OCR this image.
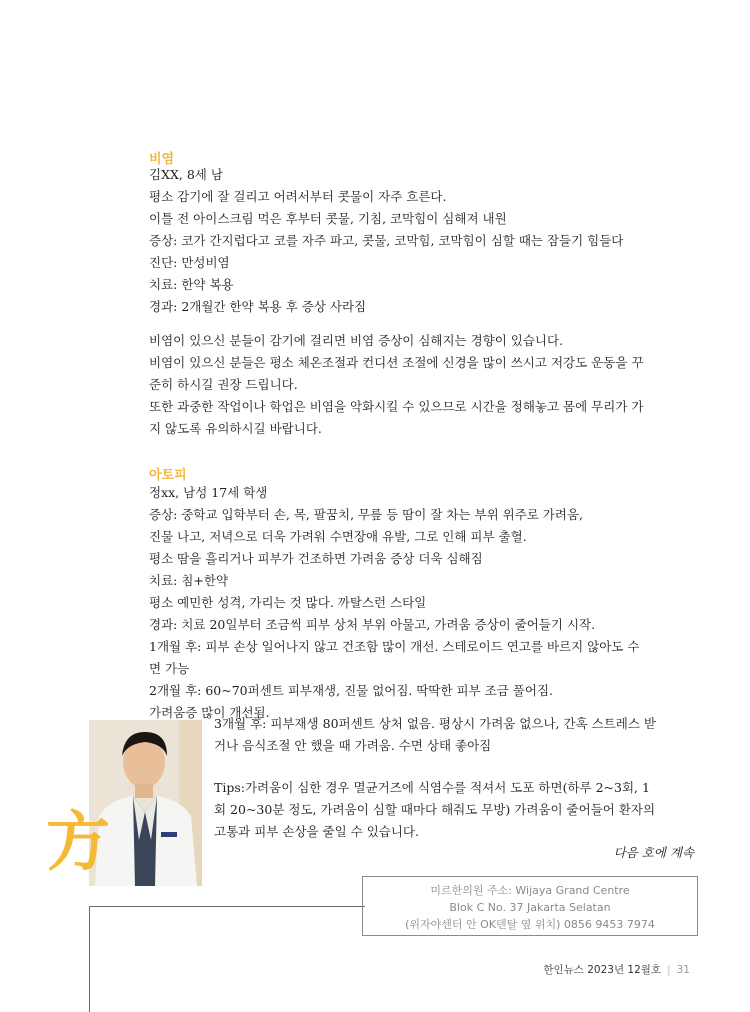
비염
김XX, 8세 남
평소 감기에 잘 걸리고 어려서부터 콧물이 자주 흐른다.
이틀 전 아이스크림 먹은 후부터 콧물, 기침, 코막힘이 심해져 내원
증상: 코가 간지럽다고 코를 자주 파고, 콧물, 코막힘, 코막힘이 심할 때는 잠들기 힘들다
진단: 만성비염
치료: 한약 복용
경과: 2개월간 한약 복용 후 증상 사라짐
비염이 있으신 분들이 감기에 걸리면 비염 증상이 심해지는 경향이 있습니다.
비염이 있으신 분들은 평소 체온조절과 컨디션 조절에 신경을 많이 쓰시고 저강도 운동을 꾸
준히 하시길 권장 드립니다.
또한 과중한 작업이나 학업은 비염을 악화시킬 수 있으므로 시간을 정해놓고 몸에 무리가 가
지 않도록 유의하시길 바랍니다.
아토피
정xx, 남성 17세 학생
증상: 중학교 입학부터 손, 목, 팔꿈치, 무릎 등 땀이 잘 차는 부위 위주로 가려움,
진물 나고, 저녁으로 더욱 가려워 수면장애 유발, 그로 인해 피부 출혈.
평소 땀을 흘리거나 피부가 건조하면 가려움 증상 더욱 심해짐
치료: 침+한약
평소 예민한 성격, 가리는 것 많다. 까탈스런 스타일
경과: 치료 20일부터 조금씩 피부 상처 부위 아물고, 가려움 증상이 줄어들기 시작.
1개월 후: 피부 손상 일어나지 않고 건조함 많이 개선. 스테로이드 연고를 바르지 않아도 수
면 가능
2개월 후: 60~70퍼센트 피부재생, 진물 없어짐. 딱딱한 피부 조금 풀어짐.
가려움증 많이 개선됨.
方
3개월 후: 피부재생 80퍼센트 상처 없음. 평상시 가려움 없으나, 간혹 스트레스 받
거나 음식조절 안 했을 때 가려움. 수면 상태 좋아짐
Tips:가려움이 심한 경우 멸균거즈에 식염수를 적셔서 도포 하면(하루 2~3회, 1
회 20~30분 정도, 가려움이 심할 때마다 해줘도 무방) 가려움이 줄어들어 환자의
고통과 피부 손상을 줄일 수 있습니다.
다음 호에 계속
미르한의원 주소: Wijaya Grand Centre
Blok C No. 37 Jakarta Selatan
(위자야센터 안 OK덴탈 옆 위치) 0856 9453 7974
한인뉴스 2023년 12월호 | 31
